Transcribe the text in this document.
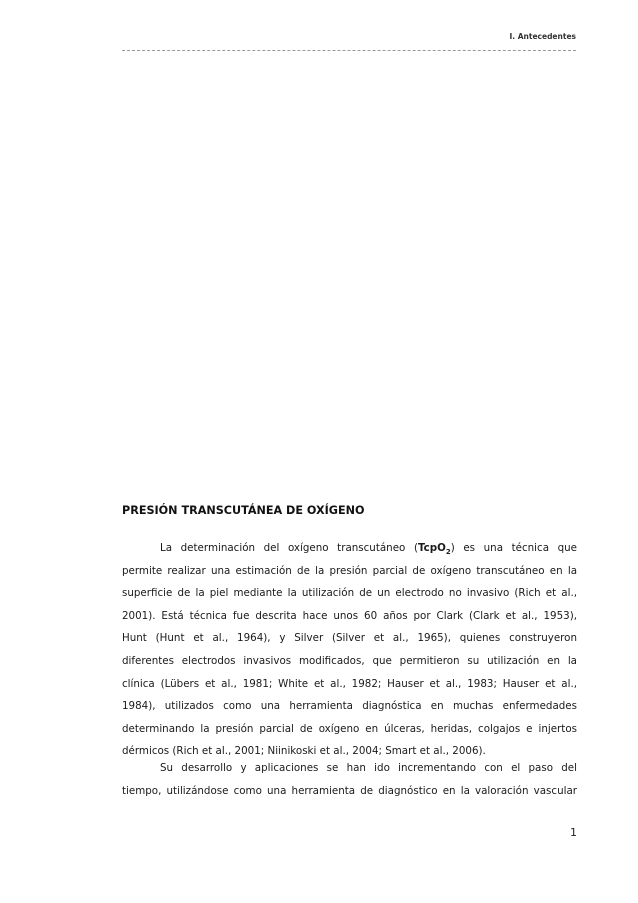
I. Antecedentes
PRESIÓN TRANSCUTÁNEA DE OXÍGENO
La determinación del oxígeno transcutáneo (TcpO$_2$) es una técnica que
permite realizar una estimación de la presión parcial de oxígeno transcutáneo en la
superficie de la piel mediante la utilización de un electrodo no invasivo (Rich et al.,
2001). Está técnica fue descrita hace unos 60 años por Clark (Clark et al., 1953),
Hunt (Hunt et al., 1964), y Silver (Silver et al., 1965), quienes construyeron
diferentes electrodos invasivos modificados, que permitieron su utilización en la
clínica (Lübers et al., 1981; White et al., 1982; Hauser et al., 1983; Hauser et al.,
1984), utilizados como una herramienta diagnóstica en muchas enfermedades
determinando la presión parcial de oxígeno en úlceras, heridas, colgajos e injertos
dérmicos (Rich et al., 2001; Niinikoski et al., 2004; Smart et al., 2006).
Su desarrollo y aplicaciones se han ido incrementando con el paso del
tiempo, utilizándose como una herramienta de diagnóstico en la valoración vascular
1
